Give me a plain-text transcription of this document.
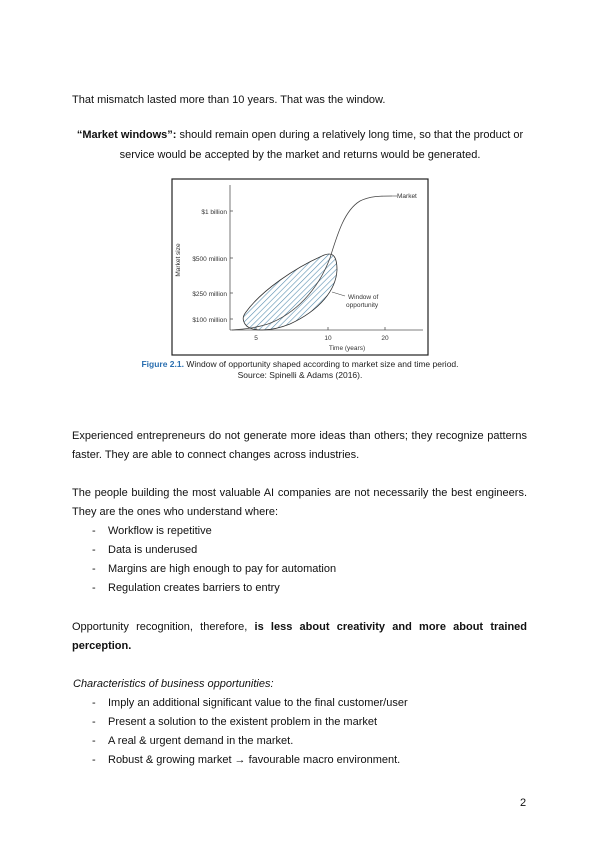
That mismatch lasted more than 10 years. That was the window.
“Market windows”: should remain open during a relatively long time, so that the product or
service would be accepted by the market and returns would be generated.
$1 billion
$500 million
$250 million
$100 million
5	10	20
Time (years)
Market size
Market
Window of
opportunity
Figure 2.1. Window of opportunity shaped according to market size and time period.
Source: Spinelli & Adams (2016).
Experienced entrepreneurs do not generate more ideas than others; they recognize patterns
faster. They are able to connect changes across industries.
The people building the most valuable AI companies are not necessarily the best engineers.
They are the ones who understand where:
- Workflow is repetitive
- Data is underused
- Margins are high enough to pay for automation
- Regulation creates barriers to entry
Opportunity recognition, therefore, is less about creativity and more about trained
perception.
Characteristics of business opportunities:
- Imply an additional significant value to the final customer/user
- Present a solution to the existent problem in the market
- A real & urgent demand in the market.
- Robust & growing market → favourable macro environment.
2
